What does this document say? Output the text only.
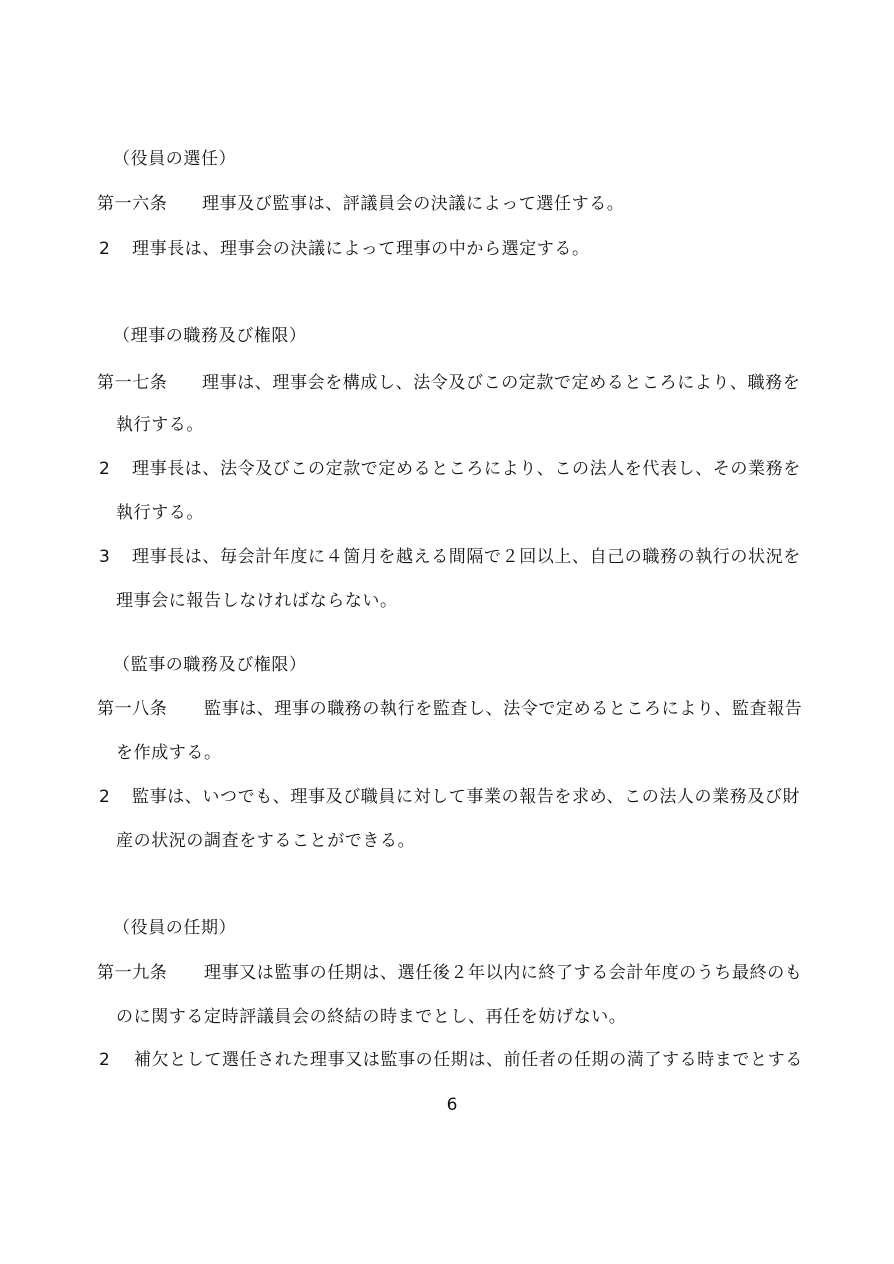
（役員の選任）
第一六条 理事及び監事は、評議員会の決議によって選任する。
2 理事長は、理事会の決議によって理事の中から選定する。
（理事の職務及び権限）
第一七条 理事は、理事会を構成し、法令及びこの定款で定めるところにより、職務を
執行する。
2 理事長は、法令及びこの定款で定めるところにより、この法人を代表し、その業務を
執行する。
3 理事長は、毎会計年度に４箇月を越える間隔で２回以上、自己の職務の執行の状況を
理事会に報告しなければならない。
（監事の職務及び権限）
第一八条 監事は、理事の職務の執行を監査し、法令で定めるところにより、監査報告
を作成する。
2 監事は、いつでも、理事及び職員に対して事業の報告を求め、この法人の業務及び財
産の状況の調査をすることができる。
（役員の任期）
第一九条 理事又は監事の任期は、選任後２年以内に終了する会計年度のうち最終のも
のに関する定時評議員会の終結の時までとし、再任を妨げない。
2 補欠として選任された理事又は監事の任期は、前任者の任期の満了する時までとする
6
